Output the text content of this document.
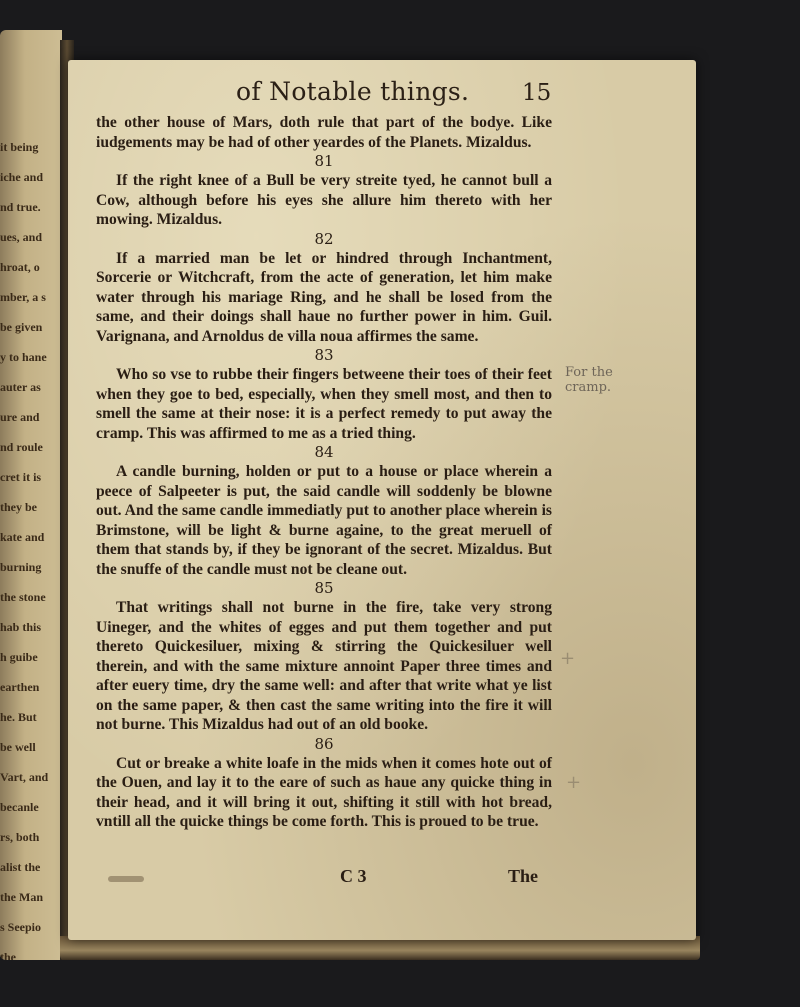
it being
iche and
nd true.
ues, and
hroat, o
mber, a s
be given
y to hane
auter as
ure and
nd roule
cret it is
they be
kate and
burning
the stone
hab this
h guibe
earthen
he. But
be well
Vart, and
becanle
rs, both
alist the
the Man
s Seepio
the
of Notable things. 15

the other house of Mars, doth rule that part of the bodye. Like iudgements may be had of other yeardes of the Planets. Mizaldus.

81

If the right knee of a Bull be very streite tyed, he cannot bull a Cow, although before his eyes she allure him thereto with her mowing. Mizaldus.

82

If a married man be let or hindred through Inchantment, Sorcerie or Witchcraft, from the acte of generation, let him make water through his mariage Ring, and he shall be losed from the same, and their doings shall haue no further power in him. Guil. Varignana, and Arnoldus de villa noua affirmes the same.

83

Who so vse to rubbe their fingers betweene their toes of their feet when they goe to bed, especially, when they smell most, and then to smell the same at their nose: it is a perfect remedy to put away the cramp. This was affirmed to me as a tried thing.

84

A candle burning, holden or put to a house or place wherein a peece of Salpeeter is put, the said candle will soddenly be blowne out. And the same candle immediatly put to another place wherein is Brimstone, will be light & burne againe, to the great meruell of them that stands by, if they be ignorant of the secret. Mizaldus. But the snuffe of the candle must not be cleane out.

85

That writings shall not burne in the fire, take very strong Uineger, and the whites of egges and put them together and put thereto Quickesiluer, mixing & stirring the Quickesiluer well therein, and with the same mixture annoint Paper three times and after euery time, dry the same well: and after that write what ye list on the same paper, & then cast the same writing into the fire it will not burne. This Mizaldus had out of an old booke.

86

Cut or breake a white loafe in the mids when it comes hote out of the Ouen, and lay it to the eare of such as haue any quicke thing in their head, and it will bring it out, shifting it still with hot bread, vntill all the quicke things be come forth. This is proued to be true.

For the
cramp.
+
+
C 3	The
